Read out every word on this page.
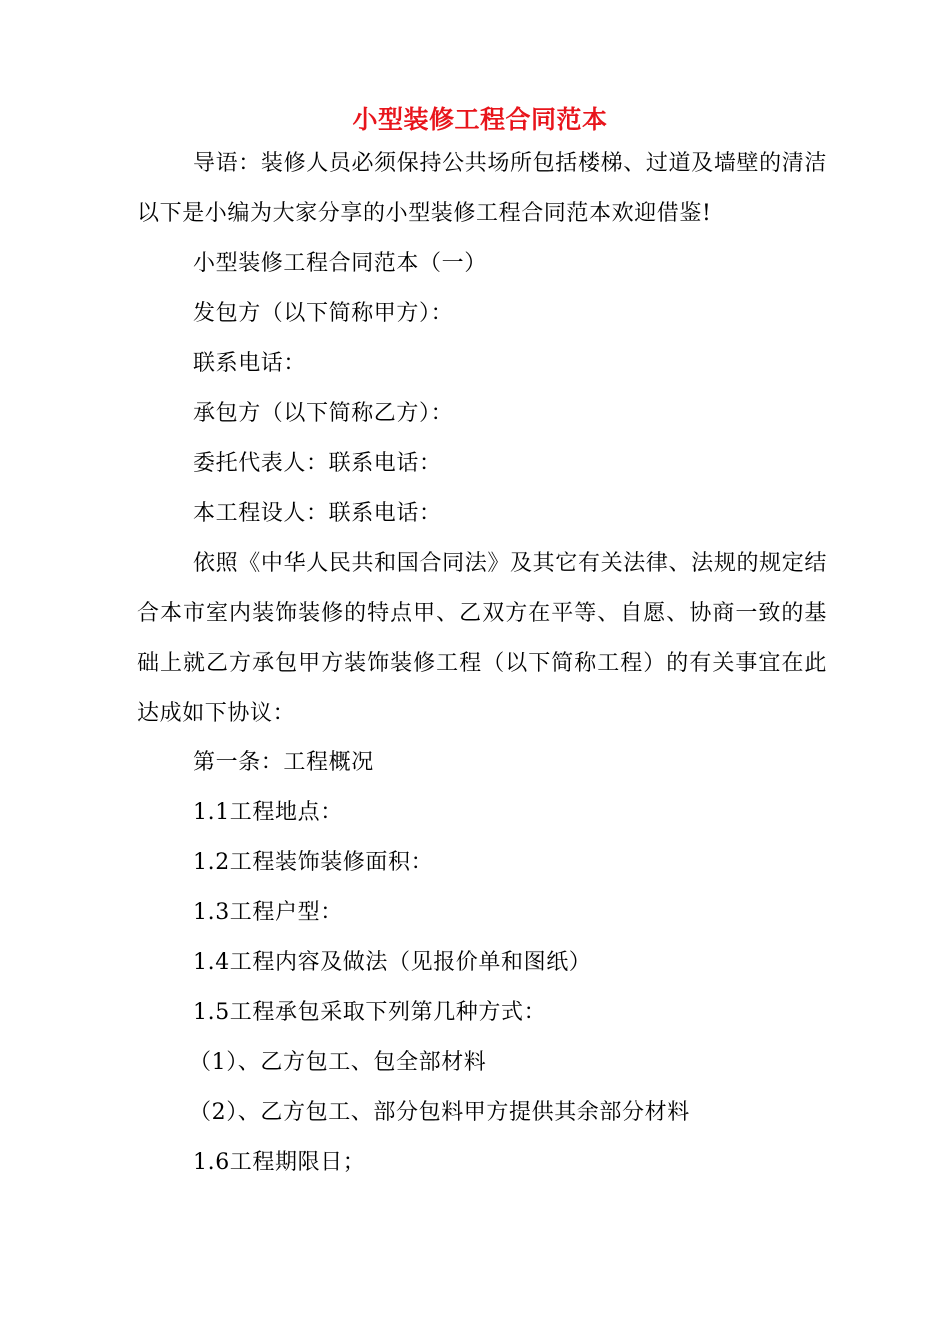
小型装修工程合同范本

导语：装修人员必须保持公共场所包括楼梯、过道及墙壁的清洁以下是小编为大家分享的小型装修工程合同范本欢迎借鉴!

小型装修工程合同范本（一）

发包方（以下简称甲方）：

联系电话：

承包方（以下简称乙方）：

委托代表人：联系电话：

本工程设人：联系电话：

依照《中华人民共和国合同法》及其它有关法律、法规的规定结合本市室内装饰装修的特点甲、乙双方在平等、自愿、协商一致的基础上就乙方承包甲方装饰装修工程（以下简称工程）的有关事宜在此达成如下协议：

第一条：工程概况

1.1工程地点：

1.2工程装饰装修面积：

1.3工程户型：

1.4工程内容及做法（见报价单和图纸）

1.5工程承包采取下列第几种方式：

（1）、乙方包工、包全部材料

（2）、乙方包工、部分包料甲方提供其余部分材料

1.6工程期限日；
